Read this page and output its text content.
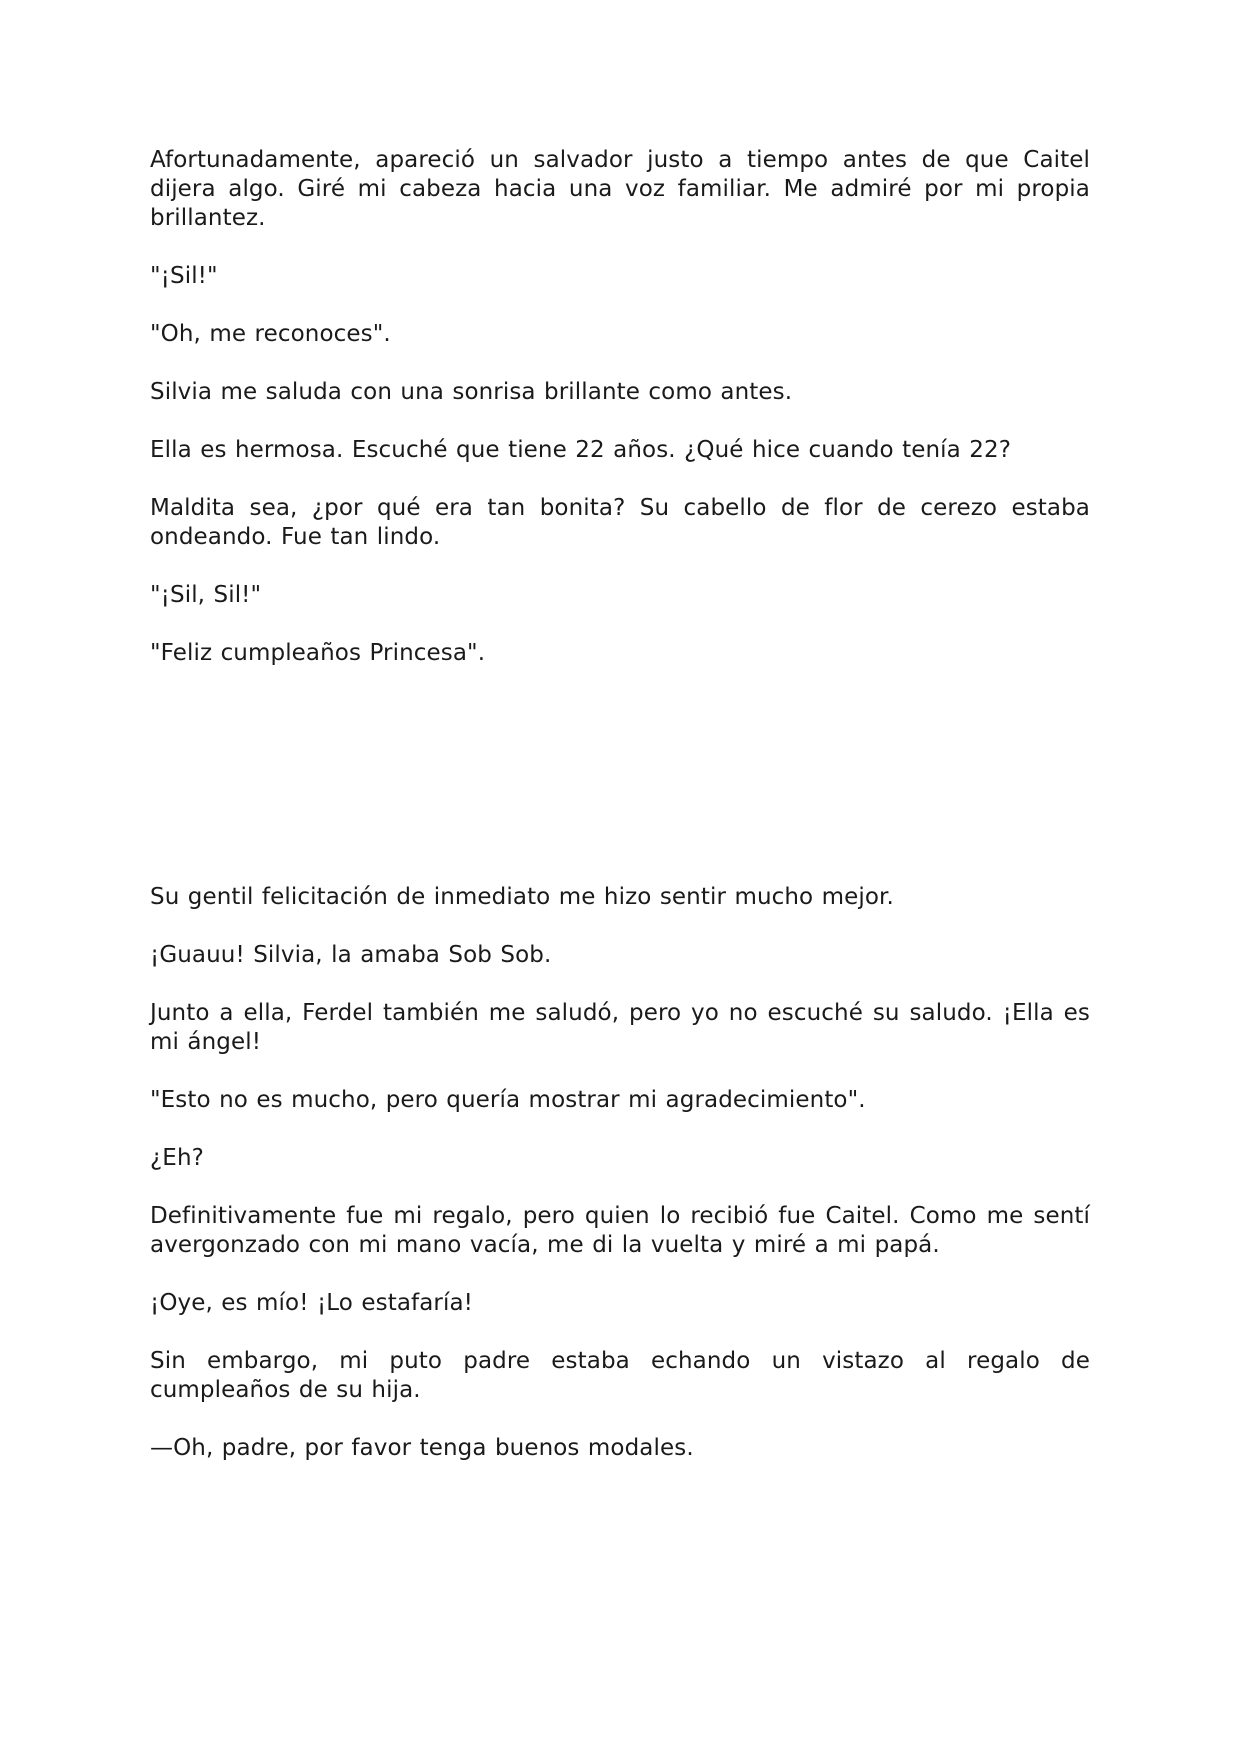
Afortunadamente, apareció un salvador justo a tiempo antes de que Caitel dijera algo. Giré mi cabeza hacia una voz familiar. Me admiré por mi propia brillantez.

"¡Sil!"

"Oh, me reconoces".

Silvia me saluda con una sonrisa brillante como antes.

Ella es hermosa. Escuché que tiene 22 años. ¿Qué hice cuando tenía 22?

Maldita sea, ¿por qué era tan bonita? Su cabello de flor de cerezo estaba ondeando. Fue tan lindo.

"¡Sil, Sil!"

"Feliz cumpleaños Princesa".

Su gentil felicitación de inmediato me hizo sentir mucho mejor.

¡Guauu! Silvia, la amaba Sob Sob.

Junto a ella, Ferdel también me saludó, pero yo no escuché su saludo. ¡Ella es mi ángel!

"Esto no es mucho, pero quería mostrar mi agradecimiento".

¿Eh?

Definitivamente fue mi regalo, pero quien lo recibió fue Caitel. Como me sentí avergonzado con mi mano vacía, me di la vuelta y miré a mi papá.

¡Oye, es mío! ¡Lo estafaría!

Sin embargo, mi puto padre estaba echando un vistazo al regalo de cumpleaños de su hija.

—Oh, padre, por favor tenga buenos modales.
